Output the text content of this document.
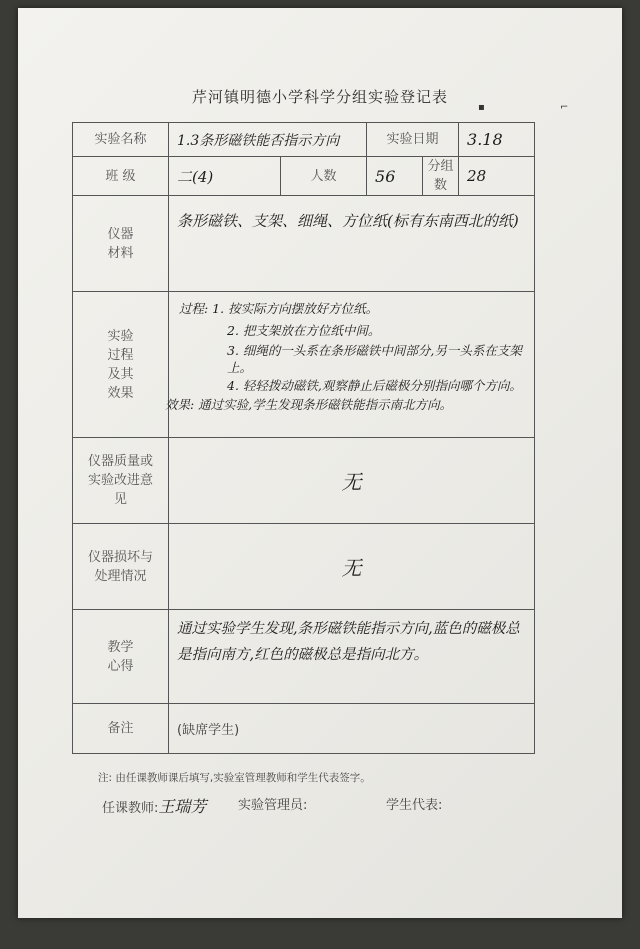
▪	⌐
芹河镇明德小学科学分组实验登记表
实验名称	1.3条形磁铁能否指示方向		实验日期		3.18
班 级	二(4)	人数	56	分组数	28
仪器材料	条形磁铁、支架、细绳、方位纸(标有东南西北的纸)				
实验过程及其效果	过程: 1. 按实际方向摆放好方位纸。
2. 把支架放在方位纸中间。
3. 细绳的一头系在条形磁铁中间部分,另一头系在支架上。
4. 轻轻拨动磁铁,观察静止后磁极分别指向哪个方向。
效果: 通过实验,学生发现条形磁铁能指示南北方向。				

仪器质量或实验改进意见	无				
仪器损坏与处理情况	无				
教学心得	通过实验学生发现,条形磁铁能指示方向,蓝色的磁极总是指向南方,红色的磁极总是指向北方。				
备注	(缺席学生)				
注: 由任课教师课后填写,实验室管理教师和学生代表签字。
任课教师:王瑞芳 实验管理员:	学生代表:
